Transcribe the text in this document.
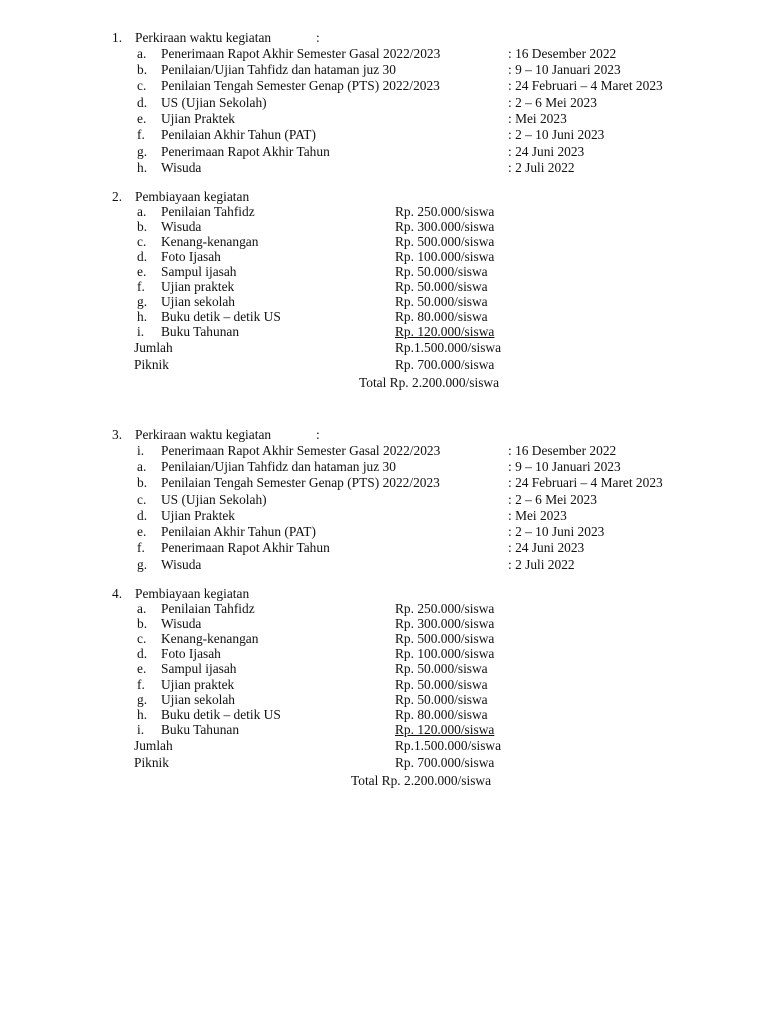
1. Perkiraan waktu kegiatan	:
a. Penerimaan Rapot Akhir Semester Gasal 2022/2023	: 16 Desember 2022
b. Penilaian/Ujian Tahfidz dan hataman juz 30	: 9 – 10 Januari 2023
c. Penilaian Tengah Semester Genap (PTS) 2022/2023	: 24 Februari – 4 Maret 2023
d. US (Ujian Sekolah)	: 2 – 6 Mei 2023
e. Ujian Praktek	: Mei 2023
f. Penilaian Akhir Tahun (PAT)	: 2 – 10 Juni 2023
g. Penerimaan Rapot Akhir Tahun	: 24 Juni 2023
h. Wisuda	: 2 Juli 2022
2. Pembiayaan kegiatan
a. Penilaian Tahfidz	Rp. 250.000/siswa
b. Wisuda	Rp. 300.000/siswa
c. Kenang-kenangan	Rp. 500.000/siswa
d. Foto Ijasah	Rp. 100.000/siswa
e. Sampul ijasah	Rp. 50.000/siswa
f. Ujian praktek	Rp. 50.000/siswa
g. Ujian sekolah	Rp. 50.000/siswa
h. Buku detik – detik US	Rp. 80.000/siswa
i. Buku Tahunan	Rp. 120.000/siswa
Jumlah	Rp.1.500.000/siswa
Piknik	Rp. 700.000/siswa
Total Rp. 2.200.000/siswa
3. Perkiraan waktu kegiatan	:
i. Penerimaan Rapot Akhir Semester Gasal 2022/2023	: 16 Desember 2022
a. Penilaian/Ujian Tahfidz dan hataman juz 30	: 9 – 10 Januari 2023
b. Penilaian Tengah Semester Genap (PTS) 2022/2023	: 24 Februari – 4 Maret 2023
c. US (Ujian Sekolah)	: 2 – 6 Mei 2023
d. Ujian Praktek	: Mei 2023
e. Penilaian Akhir Tahun (PAT)	: 2 – 10 Juni 2023
f. Penerimaan Rapot Akhir Tahun	: 24 Juni 2023
g. Wisuda	: 2 Juli 2022
4. Pembiayaan kegiatan
a. Penilaian Tahfidz	Rp. 250.000/siswa
b. Wisuda	Rp. 300.000/siswa
c. Kenang-kenangan	Rp. 500.000/siswa
d. Foto Ijasah	Rp. 100.000/siswa
e. Sampul ijasah	Rp. 50.000/siswa
f. Ujian praktek	Rp. 50.000/siswa
g. Ujian sekolah	Rp. 50.000/siswa
h. Buku detik – detik US	Rp. 80.000/siswa
i. Buku Tahunan	Rp. 120.000/siswa
Jumlah	Rp.1.500.000/siswa
Piknik	Rp. 700.000/siswa
Total Rp. 2.200.000/siswa
